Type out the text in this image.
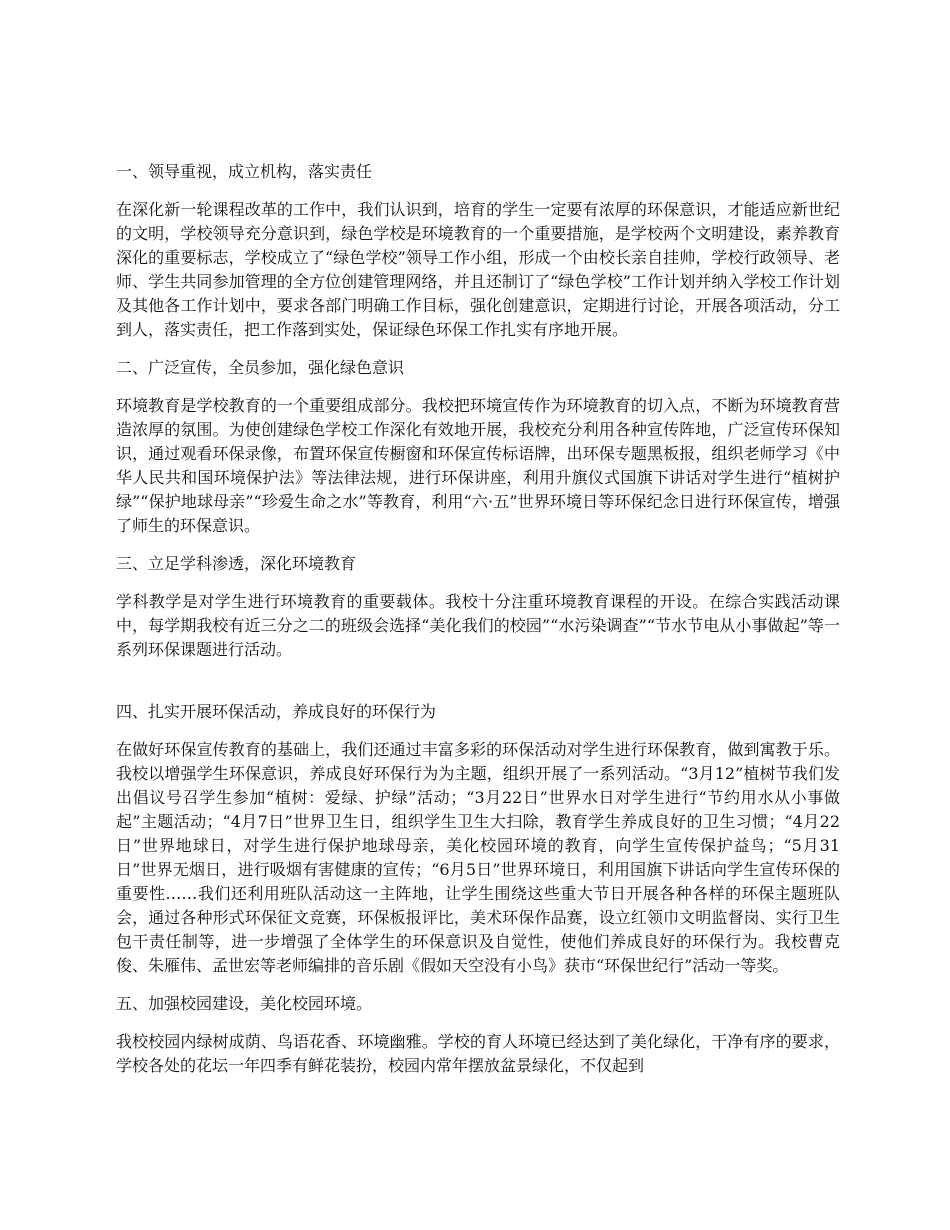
一、领导重视，成立机构，落实责任

在深化新一轮课程改革的工作中，我们认识到，培育的学生一定要有浓厚的环保意识，才能适应新世纪的文明，学校领导充分意识到，绿色学校是环境教育的一个重要措施，是学校两个文明建设，素养教育深化的重要标志，学校成立了“绿色学校”领导工作小组，形成一个由校长亲自挂帅，学校行政领导、老师、学生共同参加管理的全方位创建管理网络，并且还制订了“绿色学校”工作计划并纳入学校工作计划及其他各工作计划中，要求各部门明确工作目标，强化创建意识，定期进行讨论，开展各项活动，分工到人，落实责任，把工作落到实处，保证绿色环保工作扎实有序地开展。

二、广泛宣传，全员参加，强化绿色意识

环境教育是学校教育的一个重要组成部分。我校把环境宣传作为环境教育的切入点，不断为环境教育营造浓厚的氛围。为使创建绿色学校工作深化有效地开展，我校充分利用各种宣传阵地，广泛宣传环保知识，通过观看环保录像，布置环保宣传橱窗和环保宣传标语牌，出环保专题黑板报，组织老师学习《中华人民共和国环境保护法》等法律法规，进行环保讲座，利用升旗仪式国旗下讲话对学生进行“植树护绿”“保护地球母亲”“珍爱生命之水”等教育，利用“六·五”世界环境日等环保纪念日进行环保宣传，增强了师生的环保意识。

三、立足学科渗透，深化环境教育

学科教学是对学生进行环境教育的重要载体。我校十分注重环境教育课程的开设。在综合实践活动课中，每学期我校有近三分之二的班级会选择“美化我们的校园”“水污染调查”“节水节电从小事做起”等一系列环保课题进行活动。

四、扎实开展环保活动，养成良好的环保行为

在做好环保宣传教育的基础上，我们还通过丰富多彩的环保活动对学生进行环保教育，做到寓教于乐。我校以增强学生环保意识，养成良好环保行为为主题，组织开展了一系列活动。“3月12”植树节我们发出倡议号召学生参加“植树：爱绿、护绿”活动；“3月22日”世界水日对学生进行“节约用水从小事做起”主题活动；“4月7日”世界卫生日，组织学生卫生大扫除，教育学生养成良好的卫生习惯；“4月22日”世界地球日，对学生进行保护地球母亲，美化校园环境的教育，向学生宣传保护益鸟；“5月31日”世界无烟日，进行吸烟有害健康的宣传；“6月5日”世界环境日，利用国旗下讲话向学生宣传环保的重要性……我们还利用班队活动这一主阵地，让学生围绕这些重大节日开展各种各样的环保主题班队会，通过各种形式环保征文竞赛，环保板报评比，美术环保作品赛，设立红领巾文明监督岗、实行卫生包干责任制等，进一步增强了全体学生的环保意识及自觉性，使他们养成良好的环保行为。我校曹克俊、朱雁伟、孟世宏等老师编排的音乐剧《假如天空没有小鸟》获市“环保世纪行”活动一等奖。

五、加强校园建设，美化校园环境。

我校校园内绿树成荫、鸟语花香、环境幽雅。学校的育人环境已经达到了美化绿化，干净有序的要求，学校各处的花坛一年四季有鲜花装扮，校园内常年摆放盆景绿化，不仅起到
